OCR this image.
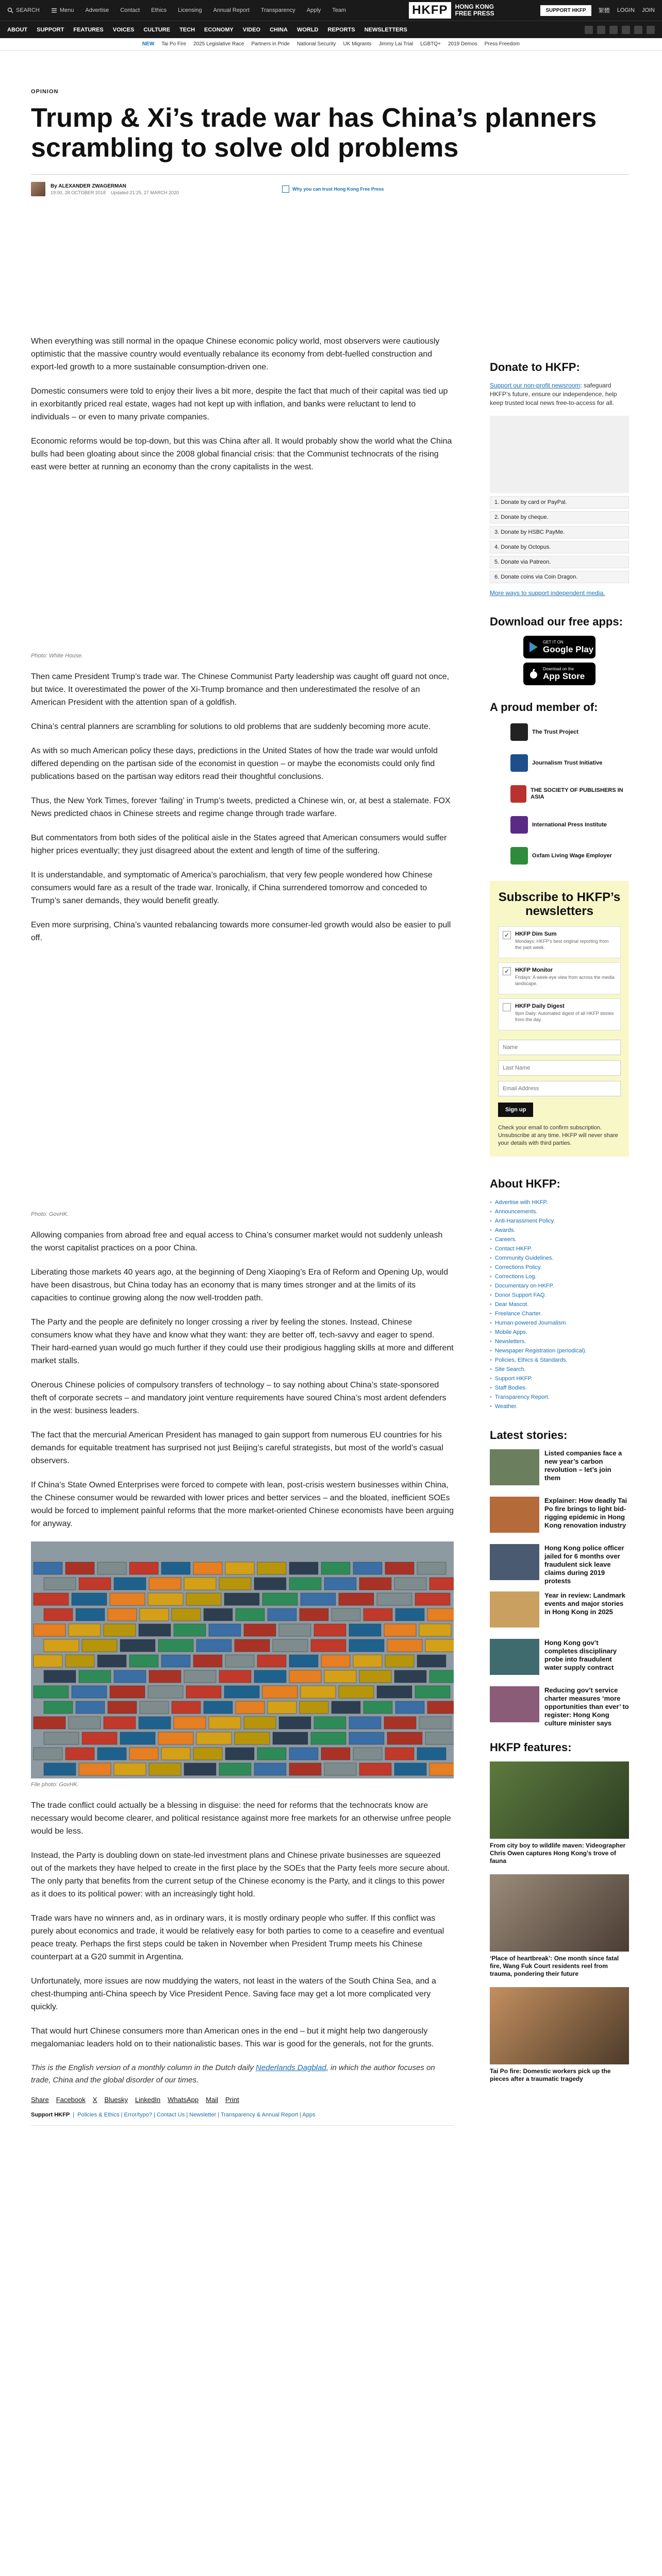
SEARCH	Menu Advertise Contact Ethics Licensing Annual Report Transparency Apply Team	HKFP	HONG KONG
FREE PRESS	SUPPORT HKFP	繁體 LOGIN JOIN
ABOUT SUPPORT FEATURES VOICES CULTURE TECH ECONOMY VIDEO CHINA WORLD REPORTS NEWSLETTERS
NEW Tai Po Fire 2025 Legislative Race Partners in Pride National Security UK Migrants Jimmy Lai Trial LGBTQ+ 2019 Demos Press Freedom
OPINION
Trump & Xi’s trade war has China’s planners scrambling to solve old problems
By ALEXANDER ZWAGERMAN
19:00, 28 OCTOBER 2018 Updated 21:25, 27 MARCH 2020
Why you can trust Hong Kong Free Press

When everything was still normal in the opaque Chinese economic policy world, most observers were cautiously optimistic that the massive country would eventually rebalance its economy from debt-fuelled construction and export-led growth to a more sustainable consumption-driven one.

Domestic consumers were told to enjoy their lives a bit more, despite the fact that much of their capital was tied up in exorbitantly priced real estate, wages had not kept up with inflation, and banks were reluctant to lend to individuals – or even to many private companies.

Economic reforms would be top-down, but this was China after all. It would probably show the world what the China bulls had been gloating about since the 2008 global financial crisis: that the Communist technocrats of the rising east were better at running an economy than the crony capitalists in the west.

Photo: White House.

Then came President Trump’s trade war. The Chinese Communist Party leadership was caught off guard not once, but twice. It overestimated the power of the Xi-Trump bromance and then underestimated the resolve of an American President with the attention span of a goldfish.

China’s central planners are scrambling for solutions to old problems that are suddenly becoming more acute.

As with so much American policy these days, predictions in the United States of how the trade war would unfold differed depending on the partisan side of the economist in question – or maybe the economists could only find publications based on the partisan way editors read their thoughtful conclusions.

Thus, the New York Times, forever ‘failing’ in Trump’s tweets, predicted a Chinese win, or, at best a stalemate. FOX News predicted chaos in Chinese streets and regime change through trade warfare.

But commentators from both sides of the political aisle in the States agreed that American consumers would suffer higher prices eventually; they just disagreed about the extent and length of time of the suffering.

It is understandable, and symptomatic of America’s parochialism, that very few people wondered how Chinese consumers would fare as a result of the trade war. Ironically, if China surrendered tomorrow and conceded to Trump’s saner demands, they would benefit greatly.

Even more surprising, China’s vaunted rebalancing towards more consumer-led growth would also be easier to pull off.

Photo: GovHK.

Allowing companies from abroad free and equal access to China’s consumer market would not suddenly unleash the worst capitalist practices on a poor China.

Liberating those markets 40 years ago, at the beginning of Deng Xiaoping’s Era of Reform and Opening Up, would have been disastrous, but China today has an economy that is many times stronger and at the limits of its capacities to continue growing along the now well-trodden path.

The Party and the people are definitely no longer crossing a river by feeling the stones. Instead, Chinese consumers know what they have and know what they want: they are better off, tech-savvy and eager to spend. Their hard-earned yuan would go much further if they could use their prodigious haggling skills at more and different market stalls.

Onerous Chinese policies of compulsory transfers of technology – to say nothing about China’s state-sponsored theft of corporate secrets – and mandatory joint venture requirements have soured China’s most ardent defenders in the west: business leaders.

The fact that the mercurial American President has managed to gain support from numerous EU countries for his demands for equitable treatment has surprised not just Beijing’s careful strategists, but most of the world’s casual observers.

If China’s State Owned Enterprises were forced to compete with lean, post-crisis western businesses within China, the Chinese consumer would be rewarded with lower prices and better services – and the bloated, inefficient SOEs would be forced to implement painful reforms that the more market-oriented Chinese economists have been arguing for anyway.

File photo: GovHK.

The trade conflict could actually be a blessing in disguise: the need for reforms that the technocrats know are necessary would become clearer, and political resistance against more free markets for an otherwise unfree people would be less.

Instead, the Party is doubling down on state-led investment plans and Chinese private businesses are squeezed out of the markets they have helped to create in the first place by the SOEs that the Party feels more secure about. The only party that benefits from the current setup of the Chinese economy is the Party, and it clings to this power as it does to its political power: with an increasingly tight hold.

Trade wars have no winners and, as in ordinary wars, it is mostly ordinary people who suffer. If this conflict was purely about economics and trade, it would be relatively easy for both parties to come to a ceasefire and eventual peace treaty. Perhaps the first steps could be taken in November when President Trump meets his Chinese counterpart at a G20 summit in Argentina.

Unfortunately, more issues are now muddying the waters, not least in the waters of the South China Sea, and a chest-thumping anti-China speech by Vice President Pence. Saving face may get a lot more complicated very quickly.

That would hurt Chinese consumers more than American ones in the end – but it might help two dangerously megalomaniac leaders hold on to their nationalistic bases. This war is good for the generals, not for the grunts.

This is the English version of a monthly column in the Dutch daily Nederlands Dagblad, in which the author focuses on trade, China and the global disorder of our times.

Share Facebook X Bluesky LinkedIn WhatsApp Mail Print
Support HKFP  |  Policies & Ethics | Error/typo? | Contact Us | Newsletter | Transparency & Annual Report | Apps
Donate to HKFP:

Support our non-profit newsroom: safeguard HKFP’s future, ensure our independence, help keep trusted local news free-to-access for all.

1. Donate by card or PayPal.
2. Donate by cheque.
3. Donate by HSBC PayMe.
4. Donate by Octopus.
5. Donate via Patreon.
6. Donate coins via Coin Dragon.
More ways to support independent media.
Download our free apps:
GET IT ON
Google Play
Download on the
App Store
A proud member of:
The Trust Project
Journalism Trust Initiative
THE SOCIETY OF PUBLISHERS IN ASIA
International Press Institute
Oxfam Living Wage Employer
Subscribe to HKFP’s newsletters
✓ HKFP Dim Sum
Mondays: HKFP’s best original reporting from the past week.
✓ HKFP Monitor
Fridays: A week-eye view from across the media landscape.
HKFP Daily Digest
9pm Daily: Automated digest of all HKFP stories from the day.
Name Last Name Email Address Sign up
Check your email to confirm subscription. Unsubscribe at any time. HKFP will never share your details with third parties.
About HKFP:
• Advertise with HKFP.
• Announcements.
• Anti-Harassment Policy.
• Awards.
• Careers.
• Contact HKFP.
• Community Guidelines.
• Corrections Policy.
• Corrections Log.
• Documentary on HKFP.
• Donor Support FAQ.
• Dear Mascot.
• Freelance Charter.
• Human-powered Journalism.
• Mobile Apps.
• Newsletters.
• Newspaper Registration (periodical).
• Policies, Ethics & Standards.
• Site Search.
• Support HKFP.
• Staff Bodies.
• Transparency Report.
• Weather.
Latest stories:
Listed companies face a new year’s carbon revolution – let’s join them
Explainer: How deadly Tai Po fire brings to light bid-rigging epidemic in Hong Kong renovation industry
Hong Kong police officer jailed for 6 months over fraudulent sick leave claims during 2019 protests
Year in review: Landmark events and major stories in Hong Kong in 2025
Hong Kong gov’t completes disciplinary probe into fraudulent water supply contract
Reducing gov’t service charter measures ‘more opportunities than ever’ to register: Hong Kong culture minister says
HKFP features:
From city boy to wildlife maven: Videographer Chris Owen captures Hong Kong’s trove of fauna
‘Place of heartbreak’: One month since fatal fire, Wang Fuk Court residents reel from trauma, pondering their future
Tai Po fire: Domestic workers pick up the pieces after a traumatic tragedy
